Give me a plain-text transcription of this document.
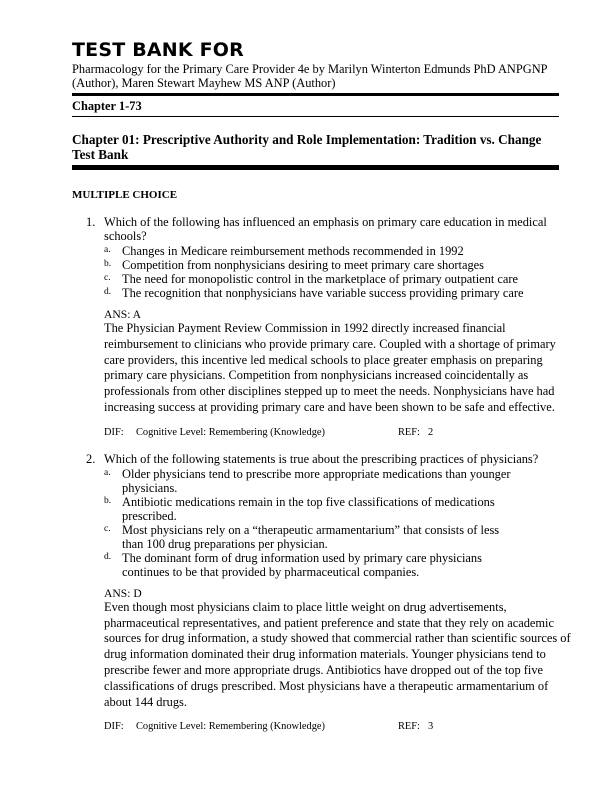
TEST BANK FOR
Pharmacology for the Primary Care Provider 4e by Marilyn Winterton Edmunds PhD ANPGNP (Author), Maren Stewart Mayhew MS ANP (Author)
Chapter 1-73
Chapter 01: Prescriptive Authority and Role Implementation: Tradition vs. Change Test Bank
MULTIPLE CHOICE
1. Which of the following has influenced an emphasis on primary care education in medical schools?
a. Changes in Medicare reimbursement methods recommended in 1992
b. Competition from nonphysicians desiring to meet primary care shortages
c. The need for monopolistic control in the marketplace of primary outpatient care
d. The recognition that nonphysicians have variable success providing primary care
ANS: A
The Physician Payment Review Commission in 1992 directly increased financial reimbursement to clinicians who provide primary care. Coupled with a shortage of primary care providers, this incentive led medical schools to place greater emphasis on preparing primary care physicians. Competition from nonphysicians increased coincidentally as professionals from other disciplines stepped up to meet the needs. Nonphysicians have had increasing success at providing primary care and have been shown to be safe and effective.
DIF: Cognitive Level: Remembering (Knowledge)	REF: 2
2. Which of the following statements is true about the prescribing practices of physicians?
a. Older physicians tend to prescribe more appropriate medications than younger physicians.
b. Antibiotic medications remain in the top five classifications of medications prescribed.
c. Most physicians rely on a “therapeutic armamentarium” that consists of less than 100 drug preparations per physician.
d. The dominant form of drug information used by primary care physicians continues to be that provided by pharmaceutical companies.
ANS: D
Even though most physicians claim to place little weight on drug advertisements, pharmaceutical representatives, and patient preference and state that they rely on academic sources for drug information, a study showed that commercial rather than scientific sources of drug information dominated their drug information materials. Younger physicians tend to prescribe fewer and more appropriate drugs. Antibiotics have dropped out of the top five classifications of drugs prescribed. Most physicians have a therapeutic armamentarium of about 144 drugs.
DIF: Cognitive Level: Remembering (Knowledge)	REF: 3
